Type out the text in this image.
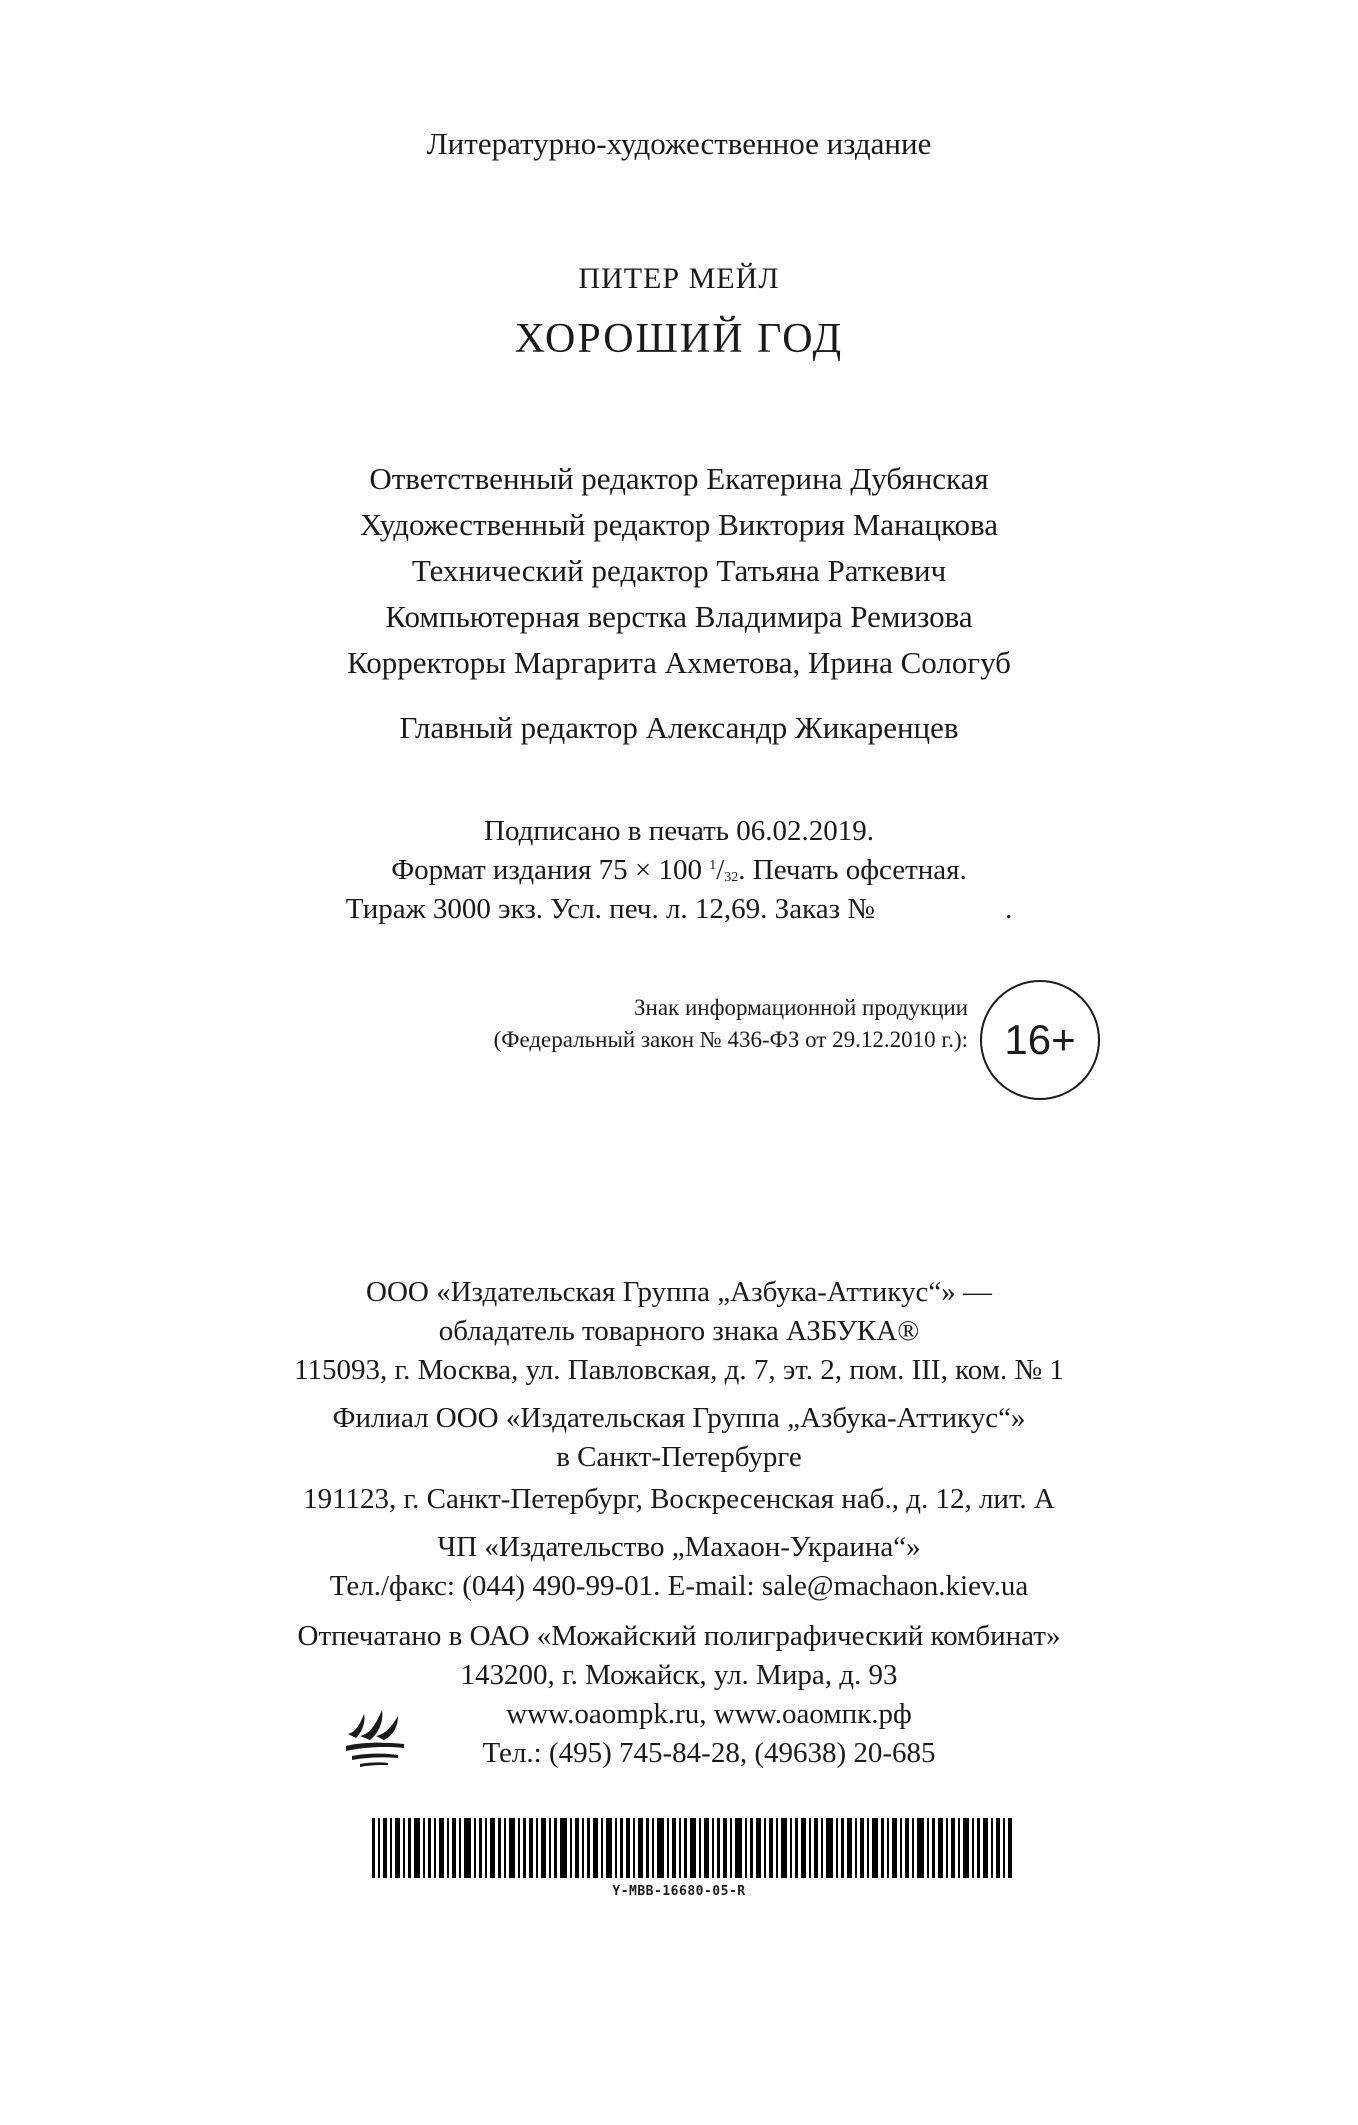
Литературно-художественное издание
ПИТЕР МЕЙЛ
ХОРОШИЙ ГОД
Ответственный редактор Екатерина Дубянская
Художественный редактор Виктория Манацкова
Технический редактор Татьяна Раткевич
Компьютерная верстка Владимира Ремизова
Корректоры Маргарита Ахметова, Ирина Сологуб
Главный редактор Александр Жикаренцев
Подписано в печать 06.02.2019.
Формат издания 75 × 100 $_1/_{32}$. Печать офсетная.
Тираж 3000 экз. Усл. печ. л. 12,69. Заказ №	.
Знак информационной продукции
(Федеральный закон № 436-ФЗ от 29.12.2010 г.): 16+
ООО «Издательская Группа „Азбука-Аттикус“» —
обладатель товарного знака АЗБУКА®
115093, г. Москва, ул. Павловская, д. 7, эт. 2, пом. III, ком. № 1
Филиал ООО «Издательская Группа „Азбука-Аттикус“»
в Санкт-Петербурге
191123, г. Санкт-Петербург, Воскресенская наб., д. 12, лит. А
ЧП «Издательство „Махаон-Украина“»
Тел./факс: (044) 490-99-01. E-mail: sale@machaon.kiev.ua
Отпечатано в ОАО «Можайский полиграфический комбинат»
143200, г. Можайск, ул. Мира, д. 93
www.oaompk.ru, www.оаомпк.рф
Тел.: (495) 745-84-28, (49638) 20-685
Y-MBB-16680-05-R
